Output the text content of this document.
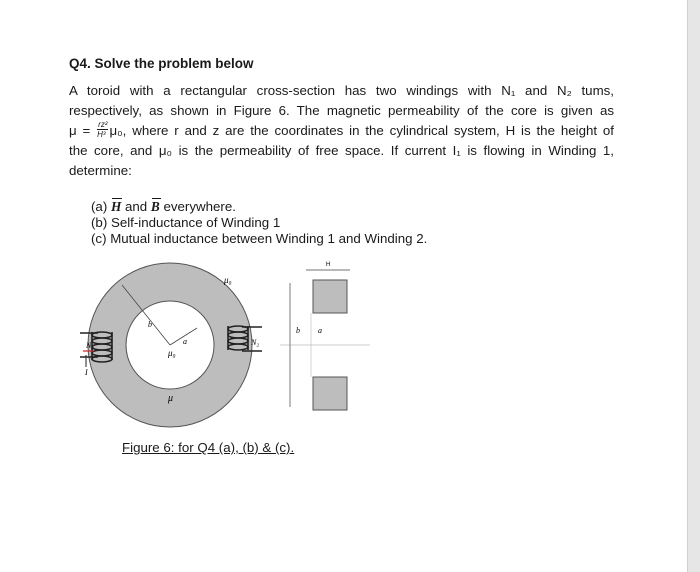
Q4. Solve the problem below

A toroid with a rectangular cross-section has two windings with N₁ and N₂ tums,
respectively, as shown in Figure 6. The magnetic permeability of the core is given as
$\mu = \frac{\text{rz²}}{\text{H³}} \mu_0$, where r and z are the coordinates in the cylindrical system, H is the height of
the core, and μ₀ is the permeability of free space. If current I₁ is flowing in Winding 1,
determine:

(a) H and B everywhere.
(b) Self-inductance of Winding 1
(c) Mutual inductance between Winding 1 and Winding 2.
μ₀
μ₀
μ
b
a
N₁	N₂
I
H
b a
Figure 6: for Q4 (a), (b) & (c).
